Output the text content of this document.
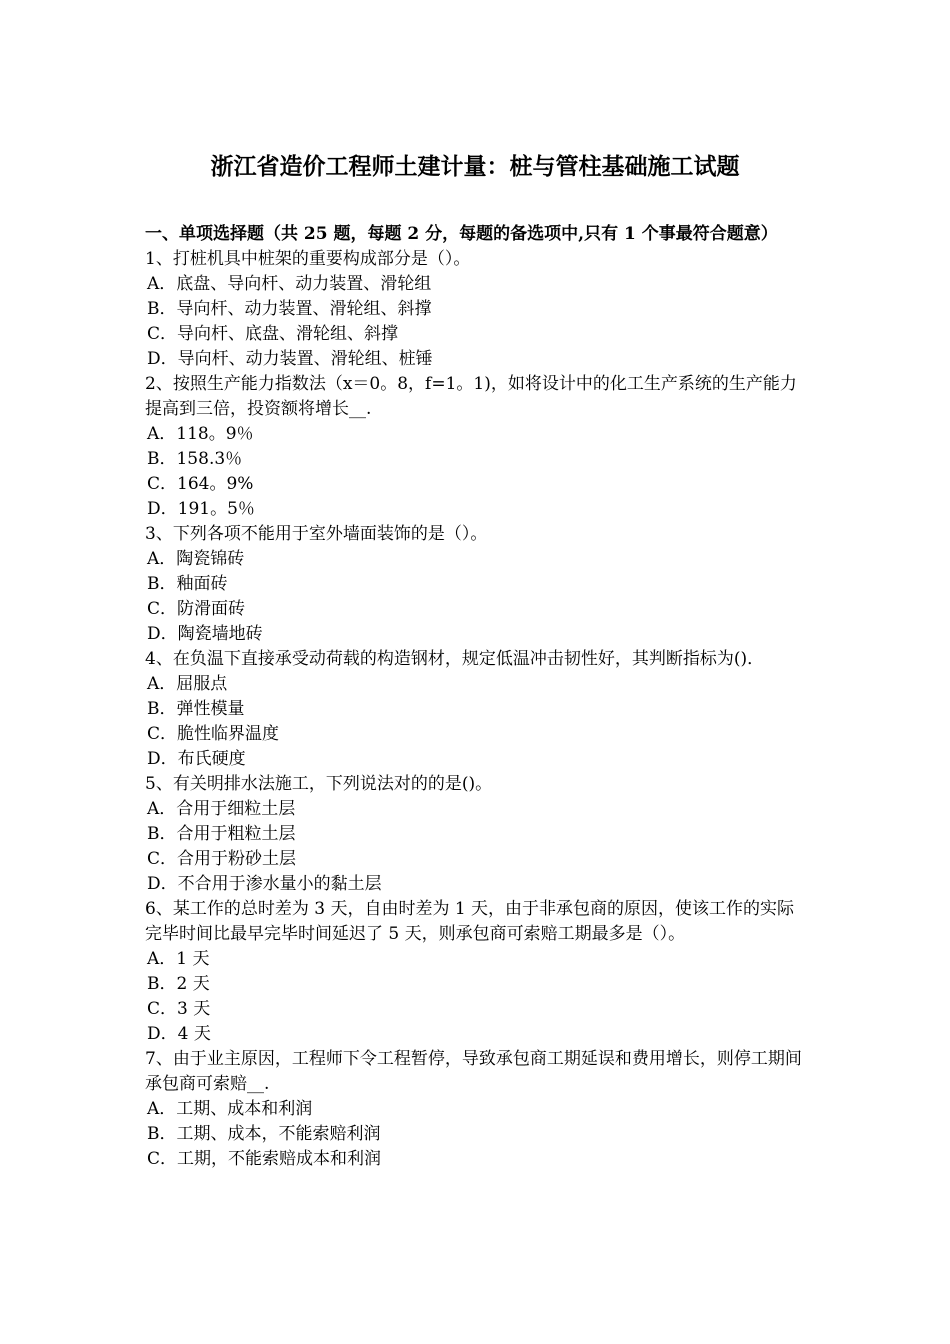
浙江省造价工程师土建计量：桩与管柱基础施工试题

一、单项选择题（共 25 题，每题 2 分，每题的备选项中,只有 1 个事最符合题意）

1、打桩机具中桩架的重要构成部分是（）。

A．底盘、导向杆、动力装置、滑轮组
B．导向杆、动力装置、滑轮组、斜撑
C．导向杆、底盘、滑轮组、斜撑
D．导向杆、动力装置、滑轮组、桩锤

2、按照生产能力指数法（x＝0。8，f=1。1)，如将设计中的化工生产系统的生产能力提高到三倍，投资额将增长__.

A．118。9％
B．158.3％
C．164。9%
D．191。5％

3、下列各项不能用于室外墙面装饰的是（）。

A．陶瓷锦砖
B．釉面砖
C．防滑面砖
D．陶瓷墙地砖

4、在负温下直接承受动荷载的构造钢材，规定低温冲击韧性好，其判断指标为()．

A．屈服点
B．弹性模量
C．脆性临界温度
D．布氏硬度

5、有关明排水法施工，下列说法对的的是()。

A．合用于细粒土层
B．合用于粗粒土层
C．合用于粉砂土层
D．不合用于渗水量小的黏土层

6、某工作的总时差为 3 天，自由时差为 1 天，由于非承包商的原因，使该工作的实际完毕时间比最早完毕时间延迟了 5 天，则承包商可索赔工期最多是（）。

A．1 天
B．2 天
C．3 天
D．4 天

7、由于业主原因，工程师下令工程暂停，导致承包商工期延误和费用增长，则停工期间承包商可索赔__.

A．工期、成本和利润
B．工期、成本，不能索赔利润
C．工期，不能索赔成本和利润
